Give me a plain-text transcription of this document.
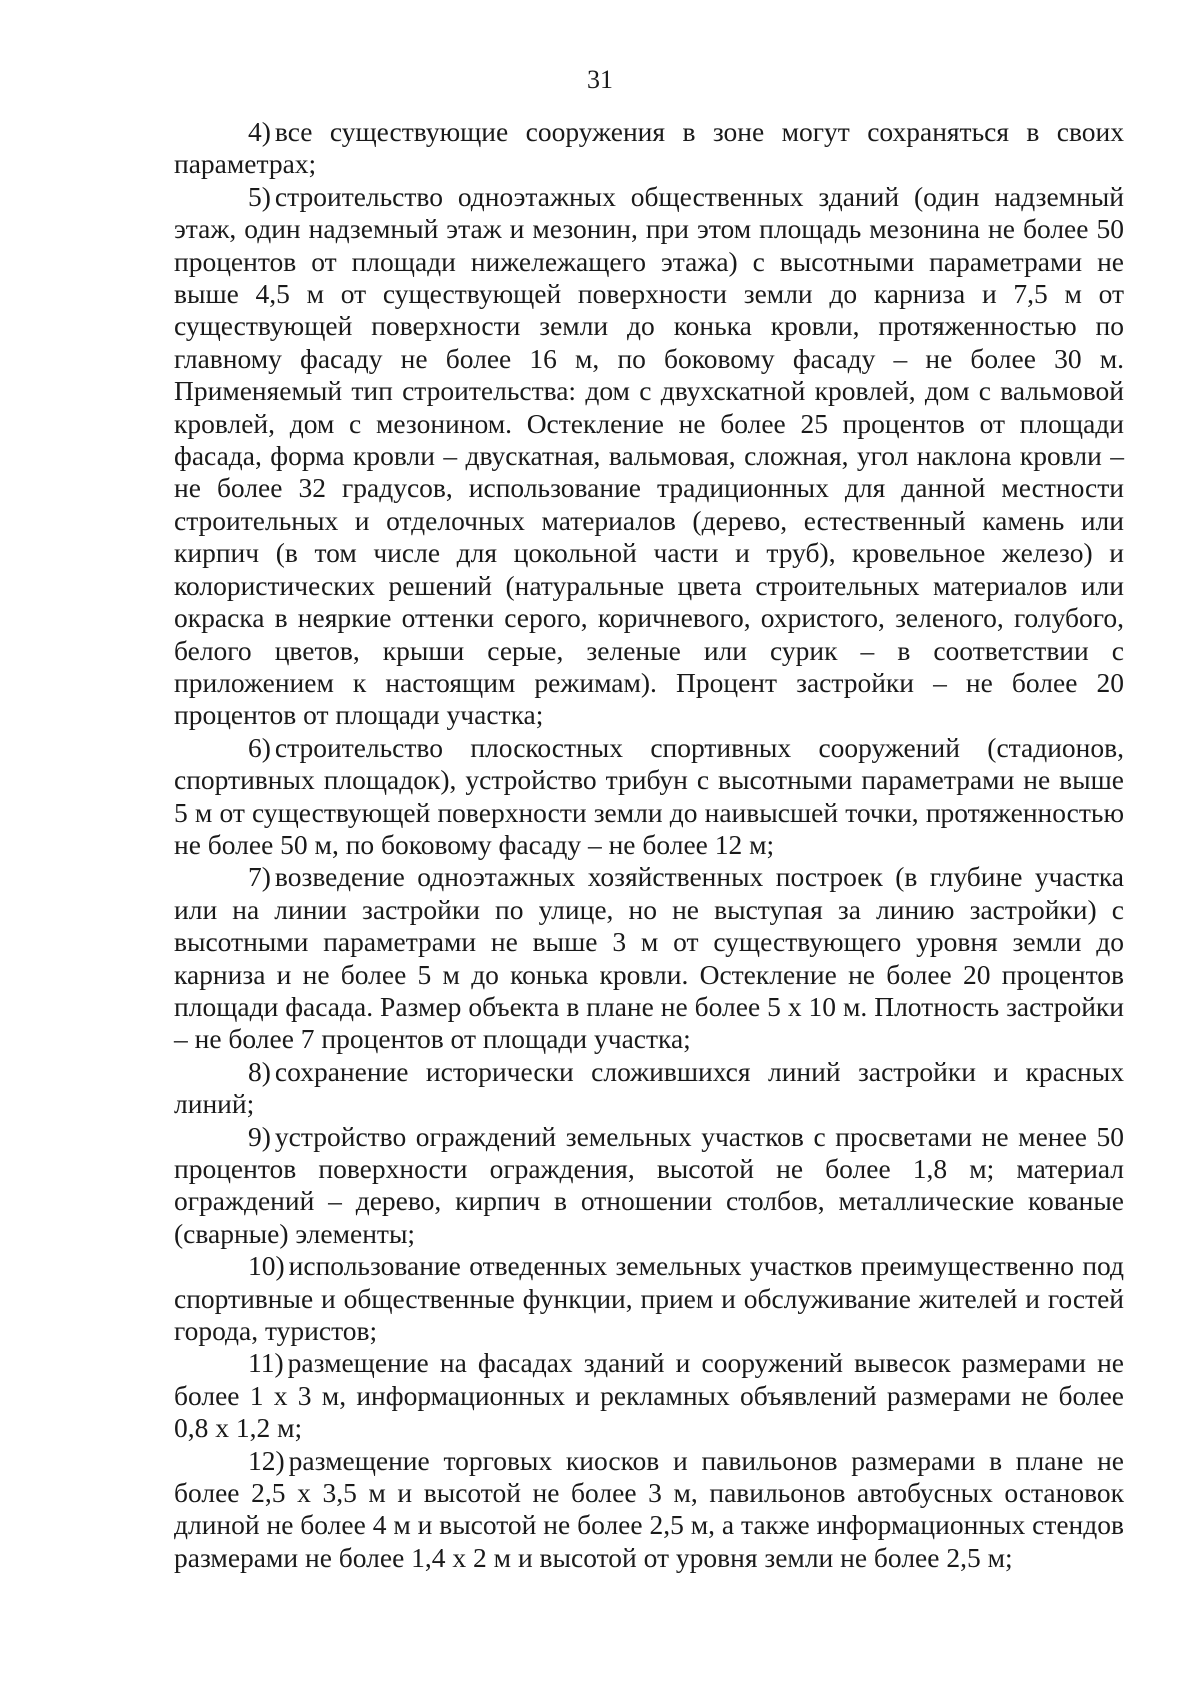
31

4) все существующие сооружения в зоне могут сохраняться в своих параметрах;

5) строительство одноэтажных общественных зданий (один надземный этаж, один надземный этаж и мезонин, при этом площадь мезонина не более 50 процентов от площади нижележащего этажа) с высотными параметрами не выше 4,5 м от существующей поверхности земли до карниза и 7,5 м от существующей поверхности земли до конька кровли, протяженностью по главному фасаду не более 16 м, по боковому фасаду – не более 30 м. Применяемый тип строительства: дом с двухскатной кровлей, дом с вальмовой кровлей, дом с мезонином. Остекление не более 25 процентов от площади фасада, форма кровли – двускатная, вальмовая, сложная, угол наклона кровли – не более 32 градусов, использование традиционных для данной местности строительных и отделочных материалов (дерево, естественный камень или кирпич (в том числе для цокольной части и труб), кровельное железо) и колористических решений (натуральные цвета строительных материалов или окраска в неяркие оттенки серого, коричневого, охристого, зеленого, голубого, белого цветов, крыши серые, зеленые или сурик – в соответствии с приложением к настоящим режимам). Процент застройки – не более 20 процентов от площади участка;

6) строительство плоскостных спортивных сооружений (стадионов, спортивных площадок), устройство трибун с высотными параметрами не выше 5 м от существующей поверхности земли до наивысшей точки, протяженностью не более 50 м, по боковому фасаду – не более 12 м;

7) возведение одноэтажных хозяйственных построек (в глубине участка или на линии застройки по улице, но не выступая за линию застройки) с высотными параметрами не выше 3 м от существующего уровня земли до карниза и не более 5 м до конька кровли. Остекление не более 20 процентов площади фасада. Размер объекта в плане не более 5 х 10 м. Плотность застройки – не более 7 процентов от площади участка;

8) сохранение исторически сложившихся линий застройки и красных линий;

9) устройство ограждений земельных участков с просветами не менее 50 процентов поверхности ограждения, высотой не более 1,8 м; материал ограждений – дерево, кирпич в отношении столбов, металлические кованые (сварные) элементы;

10) использование отведенных земельных участков преимущественно под спортивные и общественные функции, прием и обслуживание жителей и гостей города, туристов;

11) размещение на фасадах зданий и сооружений вывесок размерами не более 1 х 3 м, информационных и рекламных объявлений размерами не более 0,8 х 1,2 м;

12) размещение торговых киосков и павильонов размерами в плане не более 2,5 х 3,5 м и высотой не более 3 м, павильонов автобусных остановок длиной не более 4 м и высотой не более 2,5 м, а также информационных стендов размерами не более 1,4 х 2 м и высотой от уровня земли не более 2,5 м;
